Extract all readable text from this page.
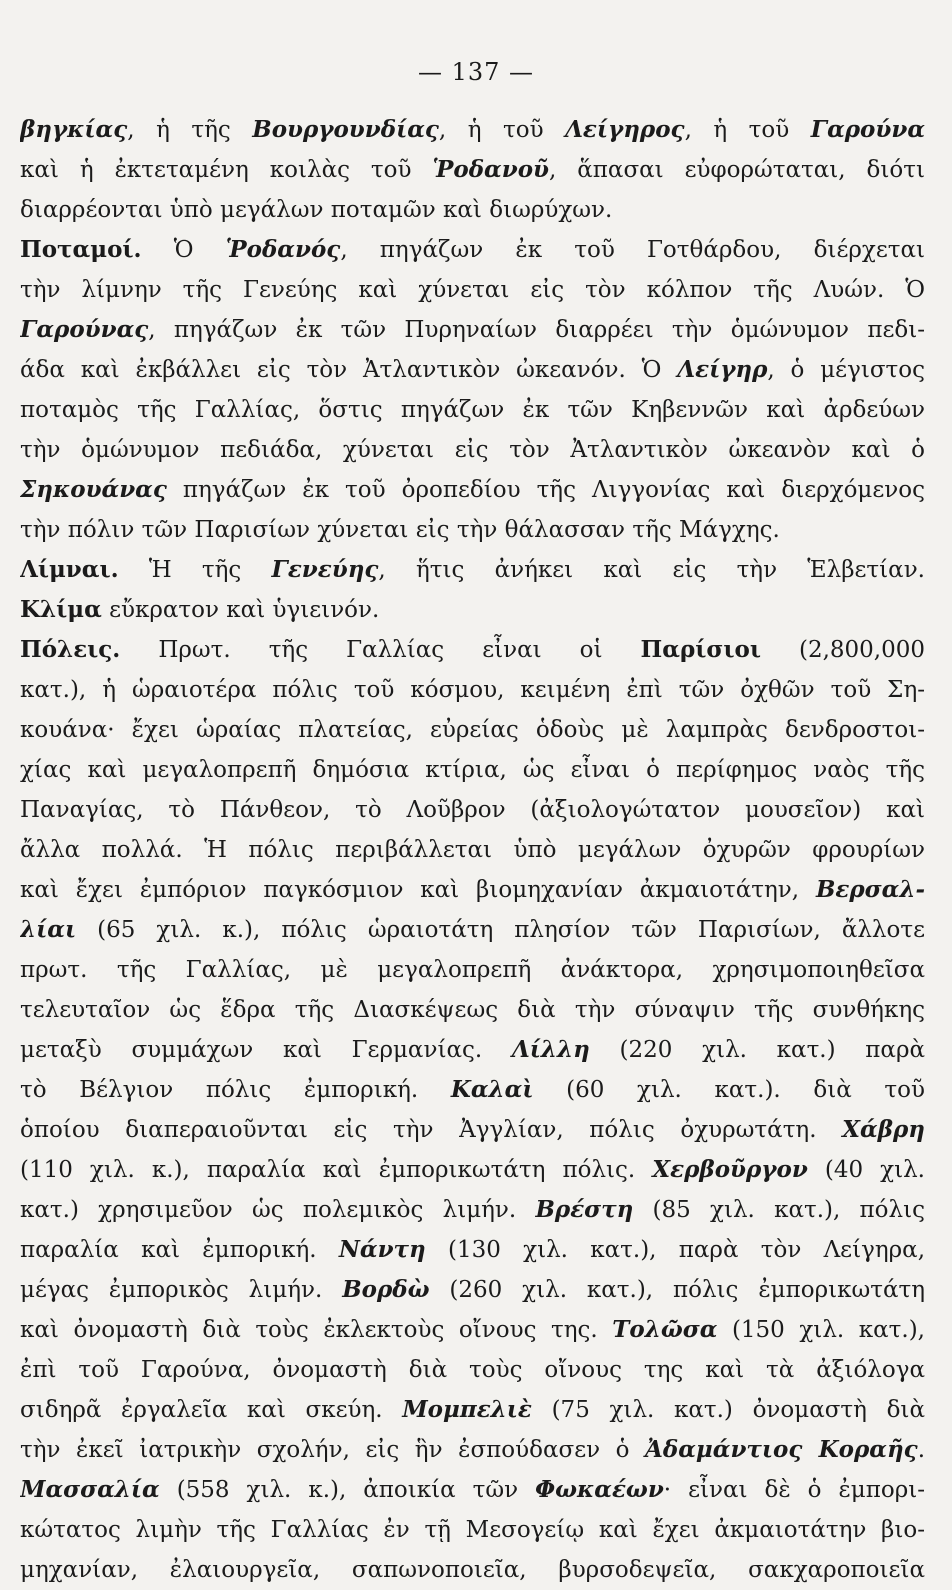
— 137 —
βηγκίας, ἡ τῆς Βουργουνδίας, ἡ τοῦ Λείγηρος, ἡ τοῦ Γαρούνα
καὶ ἡ ἐκτεταμένη κοιλὰς τοῦ Ῥοδανοῦ, ἅπασαι εὐφορώταται, διότι
διαρρέονται ὑπὸ μεγάλων ποταμῶν καὶ διωρύχων.
Ποταμοί. Ὁ Ῥοδανός, πηγάζων ἐκ τοῦ Γοτθάρδου, διέρχεται
τὴν λίμνην τῆς Γενεύης καὶ χύνεται εἰς τὸν κόλπον τῆς Λυών. Ὁ
Γαρούνας, πηγάζων ἐκ τῶν Πυρηναίων διαρρέει τὴν ὁμώνυμον πεδι-
άδα καὶ ἐκβάλλει εἰς τὸν Ἀτλαντικὸν ὠκεανόν. Ὁ Λείγηρ, ὁ μέγιστος
ποταμὸς τῆς Γαλλίας, ὅστις πηγάζων ἐκ τῶν Κηβεννῶν καὶ ἀρδεύων
τὴν ὁμώνυμον πεδιάδα, χύνεται εἰς τὸν Ἀτλαντικὸν ὠκεανὸν καὶ ὁ
Σηκουάνας πηγάζων ἐκ τοῦ ὀροπεδίου τῆς Λιγγονίας καὶ διερχόμενος
τὴν πόλιν τῶν Παρισίων χύνεται εἰς τὴν θάλασσαν τῆς Μάγχης.
Λίμναι. Ἡ τῆς Γενεύης, ἥτις ἀνήκει καὶ εἰς τὴν Ἑλβετίαν.
Κλίμα εὔκρατον καὶ ὑγιεινόν.
Πόλεις. Πρωτ. τῆς Γαλλίας εἶναι οἱ Παρίσιοι (2,800,000
κατ.), ἡ ὡραιοτέρα πόλις τοῦ κόσμου, κειμένη ἐπὶ τῶν ὀχθῶν τοῦ Ση-
κουάνα· ἔχει ὡραίας πλατείας, εὐρείας ὁδοὺς μὲ λαμπρὰς δενδροστοι-
χίας καὶ μεγαλοπρεπῆ δημόσια κτίρια, ὡς εἶναι ὁ περίφημος ναὸς τῆς
Παναγίας, τὸ Πάνθεον, τὸ Λοῦβρον (ἀξιολογώτατον μουσεῖον) καὶ
ἄλλα πολλά. Ἡ πόλις περιβάλλεται ὑπὸ μεγάλων ὀχυρῶν φρουρίων
καὶ ἔχει ἐμπόριον παγκόσμιον καὶ βιομηχανίαν ἀκμαιοτάτην, Βερσαλ-
λίαι (65 χιλ. κ.), πόλις ὡραιοτάτη πλησίον τῶν Παρισίων, ἄλλοτε
πρωτ. τῆς Γαλλίας, μὲ μεγαλοπρεπῆ ἀνάκτορα, χρησιμοποιηθεῖσα
τελευταῖον ὡς ἕδρα τῆς Διασκέψεως διὰ τὴν σύναψιν τῆς συνθήκης
μεταξὺ συμμάχων καὶ Γερμανίας. Λίλλη (220 χιλ. κατ.) παρὰ
τὸ Βέλγιον πόλις ἐμπορική. Καλαὶ (60 χιλ. κατ.). διὰ τοῦ
ὁποίου διαπεραιοῦνται εἰς τὴν Ἀγγλίαν, πόλις ὀχυρωτάτη. Χάβρη
(110 χιλ. κ.), παραλία καὶ ἐμπορικωτάτη πόλις. Χερβοῦργον (40 χιλ.
κατ.) χρησιμεῦον ὡς πολεμικὸς λιμήν. Βρέστη (85 χιλ. κατ.), πόλις
παραλία καὶ ἐμπορική. Νάντη (130 χιλ. κατ.), παρὰ τὸν Λείγηρα,
μέγας ἐμπορικὸς λιμήν. Βορδὼ (260 χιλ. κατ.), πόλις ἐμπορικωτάτη
καὶ ὀνομαστὴ διὰ τοὺς ἐκλεκτοὺς οἴνους της. Τολῶσα (150 χιλ. κατ.),
ἐπὶ τοῦ Γαρούνα, ὀνομαστὴ διὰ τοὺς οἴνους της καὶ τὰ ἀξιόλογα
σιδηρᾶ ἐργαλεῖα καὶ σκεύη. Μομπελιὲ (75 χιλ. κατ.) ὀνομαστὴ διὰ
τὴν ἐκεῖ ἰατρικὴν σχολήν, εἰς ἣν ἐσπούδασεν ὁ Ἀδαμάντιος Κοραῆς.
Μασσαλία (558 χιλ. κ.), ἀποικία τῶν Φωκαέων· εἶναι δὲ ὁ ἐμπορι-
κώτατος λιμὴν τῆς Γαλλίας ἐν τῇ Μεσογείῳ καὶ ἔχει ἀκμαιοτάτην βιο-
μηχανίαν, ἐλαιουργεῖα, σαπωνοποιεῖα, βυρσοδεψεῖα, σακχαροποιεῖα
